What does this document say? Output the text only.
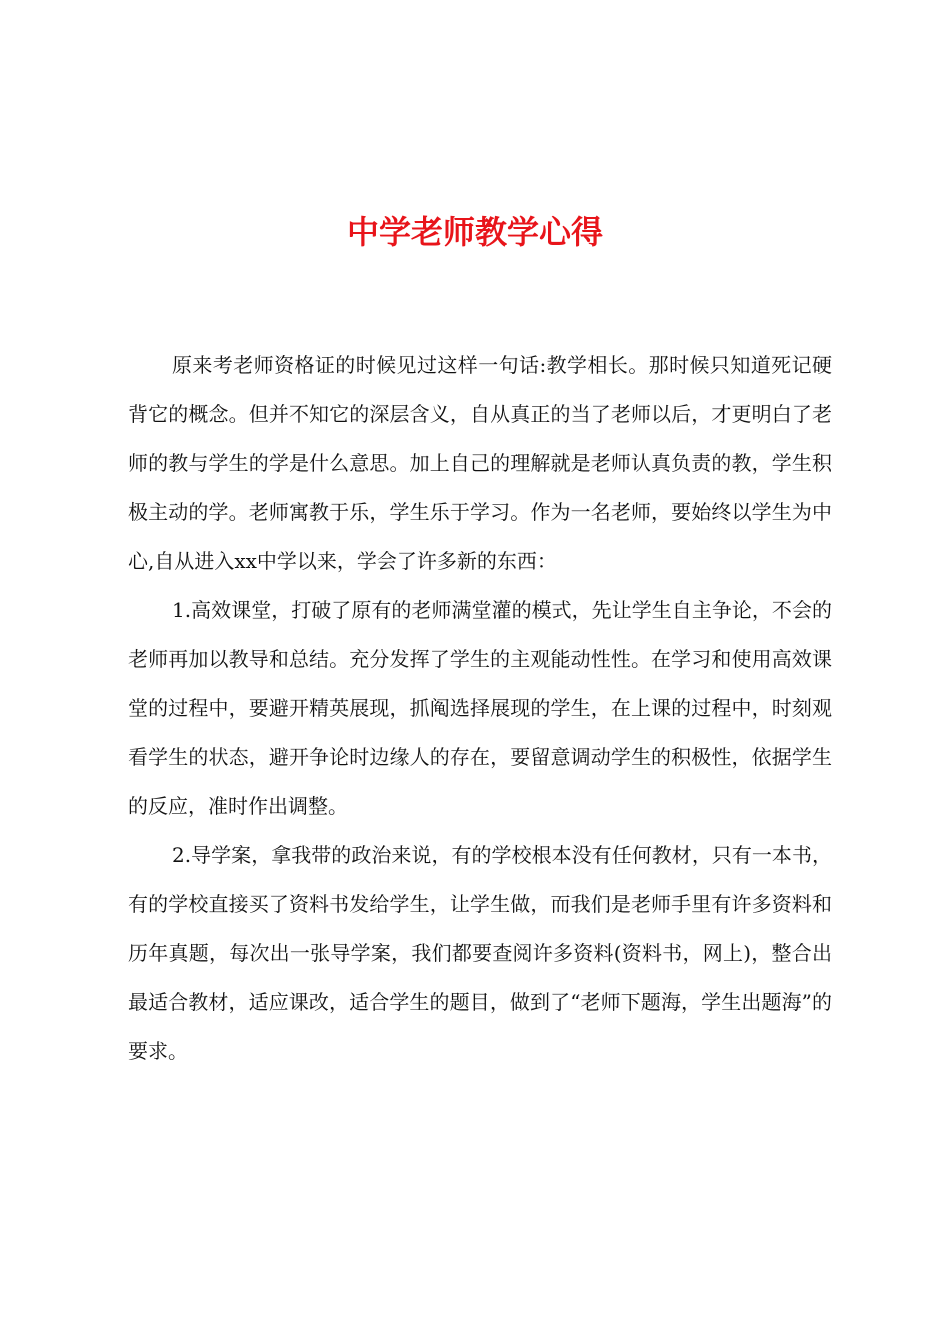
中学老师教学心得

原来考老师资格证的时候见过这样一句话:教学相长。那时候只知道死记硬背它的概念。但并不知它的深层含义，自从真正的当了老师以后，才更明白了老师的教与学生的学是什么意思。加上自己的理解就是老师认真负责的教，学生积极主动的学。老师寓教于乐，学生乐于学习。作为一名老师，要始终以学生为中心,自从进入xx中学以来，学会了许多新的东西：

1.高效课堂，打破了原有的老师满堂灌的模式，先让学生自主争论，不会的老师再加以教导和总结。充分发挥了学生的主观能动性性。在学习和使用高效课堂的过程中，要避开精英展现，抓阄选择展现的学生，在上课的过程中，时刻观看学生的状态，避开争论时边缘人的存在，要留意调动学生的积极性，依据学生的反应，准时作出调整。

2.导学案，拿我带的政治来说，有的学校根本没有任何教材，只有一本书，有的学校直接买了资料书发给学生，让学生做，而我们是老师手里有许多资料和历年真题，每次出一张导学案，我们都要查阅许多资料(资料书，网上)，整合出最适合教材，适应课改，适合学生的题目，做到了“老师下题海，学生出题海”的要求。
